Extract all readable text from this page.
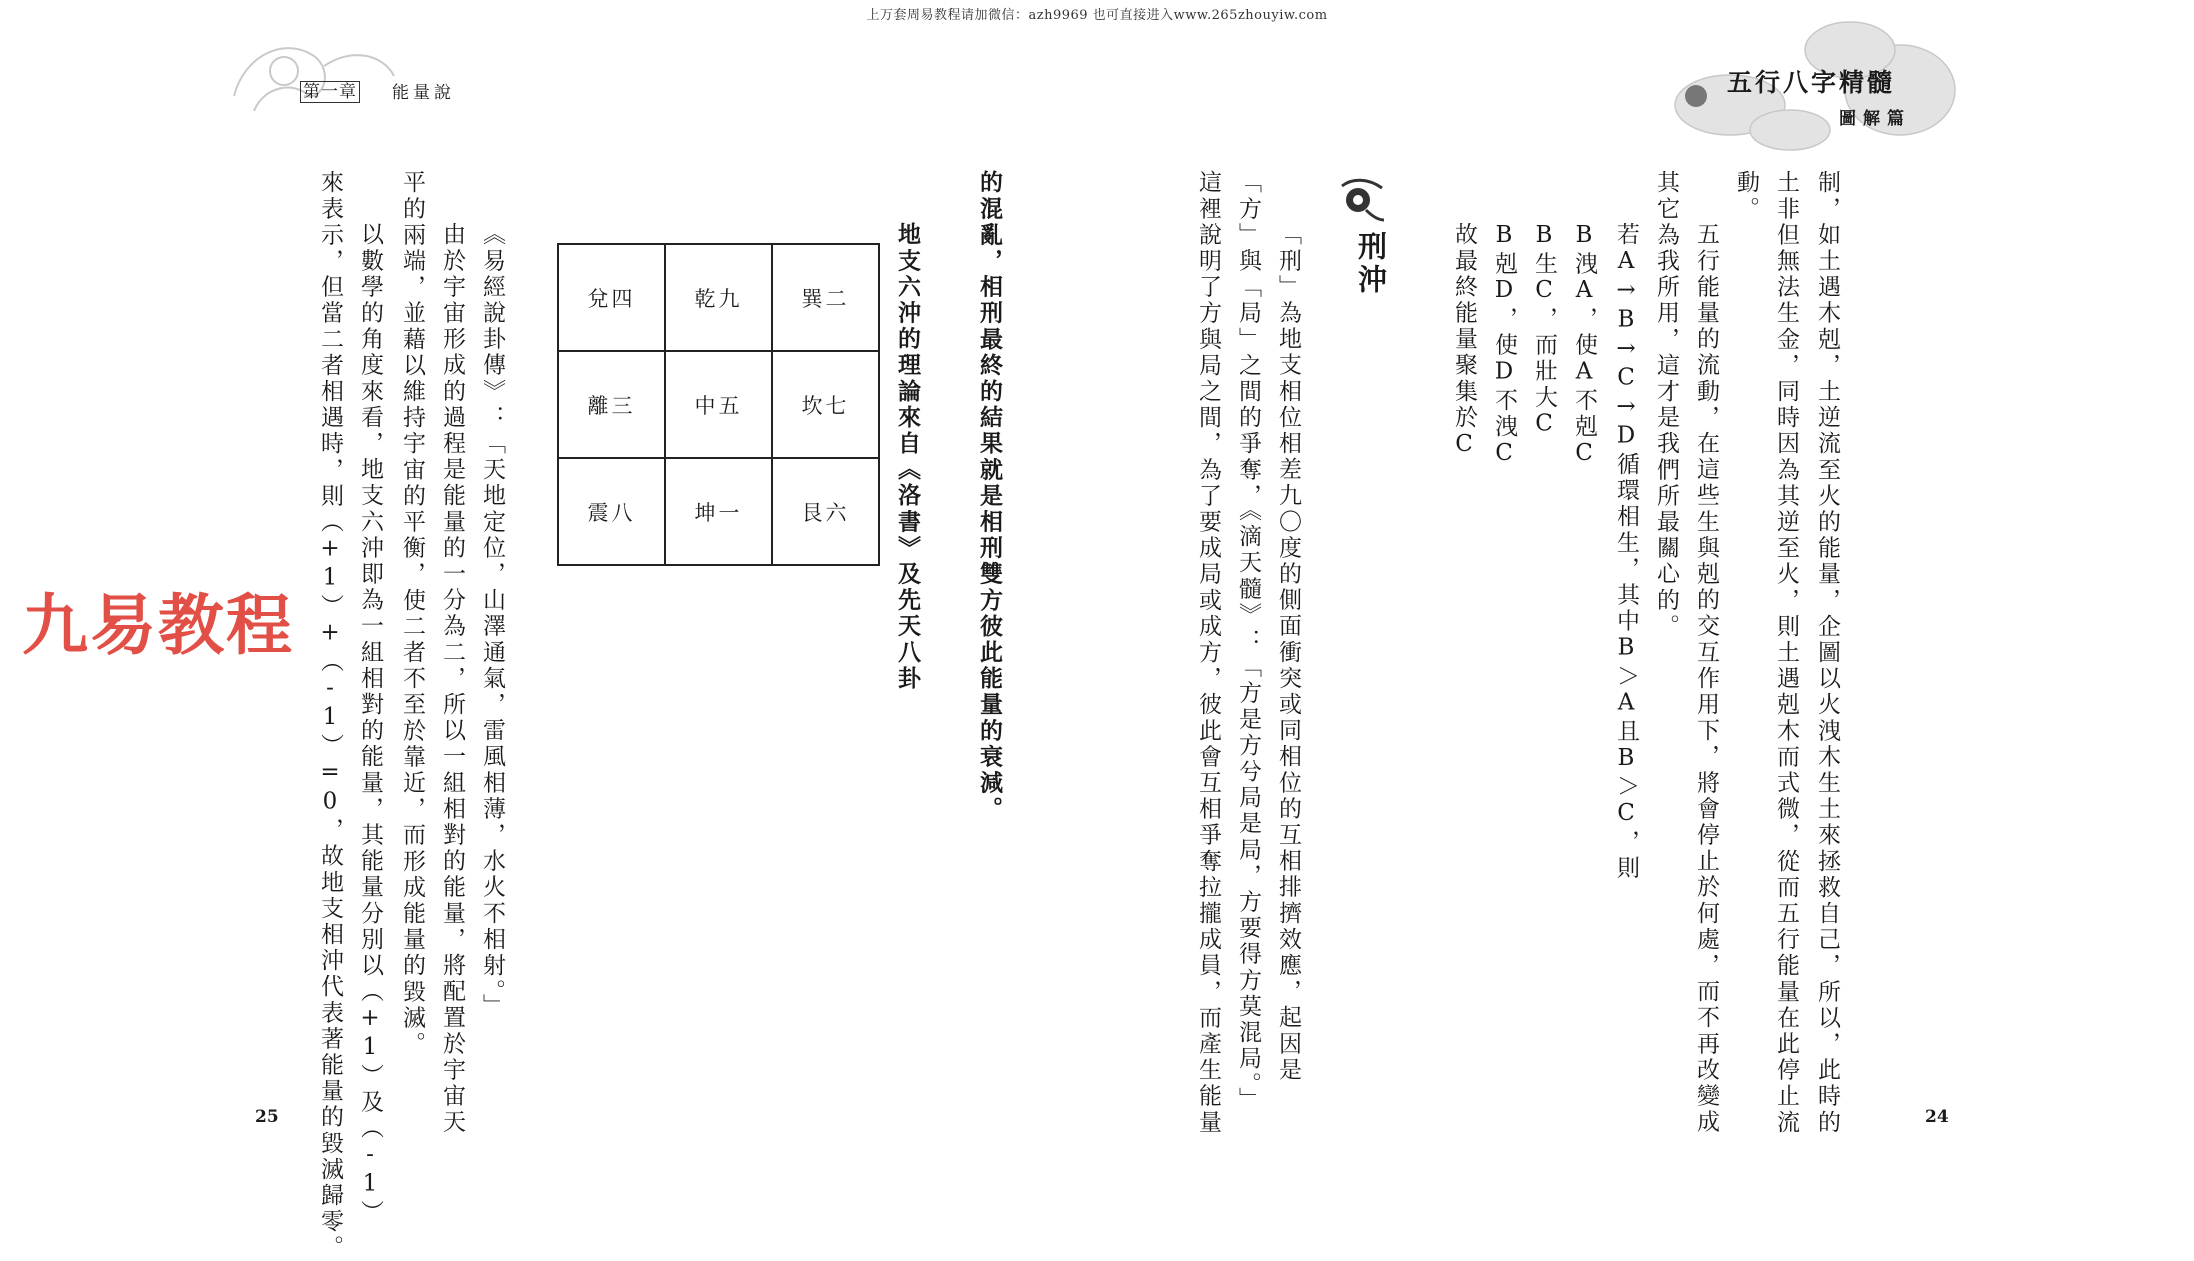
上万套周易教程请加微信：azh9969 也可直接进入www.265zhouyiw.com
第一章 能量說	五行八字精髓
圖解篇
制，如土遇木剋，土逆流至火的能量，企圖以火洩木生土來拯救自己，所以，此時的
土非但無法生金，同時因為其逆至火，則土遇剋木而式微，從而五行能量在此停止流
動。
五行能量的流動，在這些生與剋的交互作用下，將會停止於何處，而不再改變成
其它為我所用，這才是我們所最關心的。
若A→B→C→D循環相生，其中B＞A且B＞C，則
B洩A，使A不剋C
B生C，而壯大C
B剋D，使D不洩C
故最終能量聚集於C
刑沖
「刑」為地支相位相差九〇度的側面衝突或同相位的互相排擠效應，起因是
「方」與「局」之間的爭奪，《滴天髓》：「方是方兮局是局，方要得方莫混局。」
這裡說明了方與局之間，為了要成局或成方，彼此會互相爭奪拉攏成員，而產生能量	24
的混亂，相刑最終的結果就是相刑雙方彼此能量的衰減。
地支六沖的理論來自《洛書》及先天八卦
兌四	乾九	巽二
離三	中五	坎七
震八	坤一	艮六
《易經說卦傳》：「天地定位，山澤通氣，雷風相薄，水火不相射。」
由於宇宙形成的過程是能量的一分為二，所以一組相對的能量，將配置於宇宙天
平的兩端，並藉以維持宇宙的平衡，使二者不至於靠近，而形成能量的毀滅。
以數學的角度來看，地支六沖即為一組相對的能量，其能量分別以（+1）及（-1）
來表示，但當二者相遇時，則（+1）+（-1）=0，故地支相沖代表著能量的毀滅歸零。
25
九易教程
